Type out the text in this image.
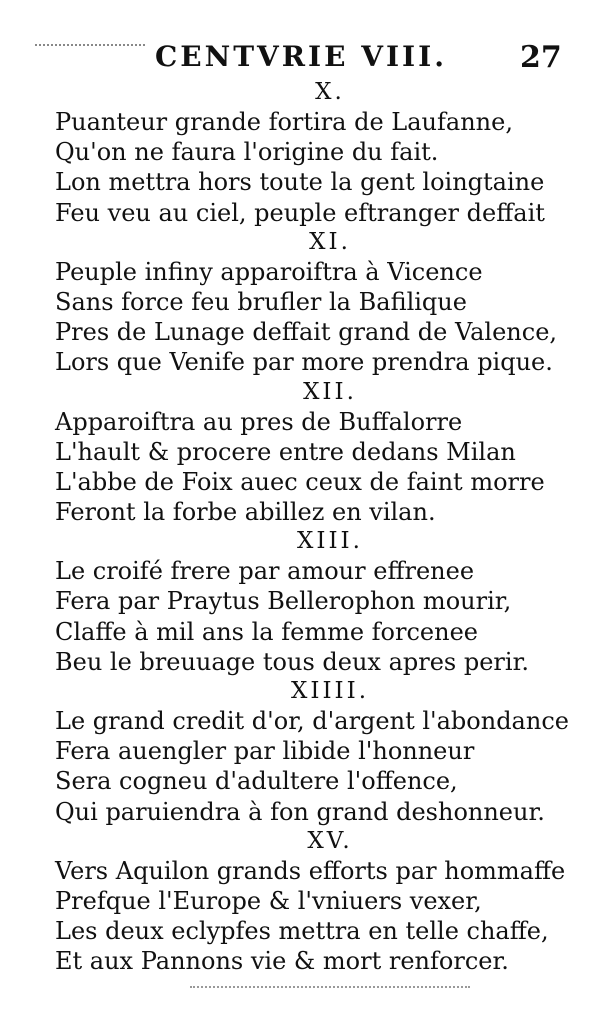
CENTVRIE VIII. 27
X.
Puanteur grande fortira de Laufanne,
Qu'on ne faura l'origine du fait.
Lon mettra hors toute la gent loingtaine
Feu veu au ciel, peuple eftranger deffait
XI.
Peuple infiny apparoiftra à Vicence
Sans force feu brufler la Bafilique
Pres de Lunage deffait grand de Valence,
Lors que Venife par more prendra pique.
XII.
Apparoiftra au pres de Buffalorre
L'hault & procere entre dedans Milan
L'abbe de Foix auec ceux de faint morre
Feront la forbe abillez en vilan.
XIII.
Le croifé frere par amour effrenee
Fera par Praytus Bellerophon mourir,
Claffe à mil ans la femme forcenee
Beu le breuuage tous deux apres perir.
XIIII.
Le grand credit d'or, d'argent l'abondance
Fera auengler par libide l'honneur
Sera cogneu d'adultere l'offence,
Qui paruiendra à fon grand deshonneur.
XV.
Vers Aquilon grands efforts par hommaffe
Prefque l'Europe & l'vniuers vexer,
Les deux eclypfes mettra en telle chaffe,
Et aux Pannons vie & mort renforcer.
